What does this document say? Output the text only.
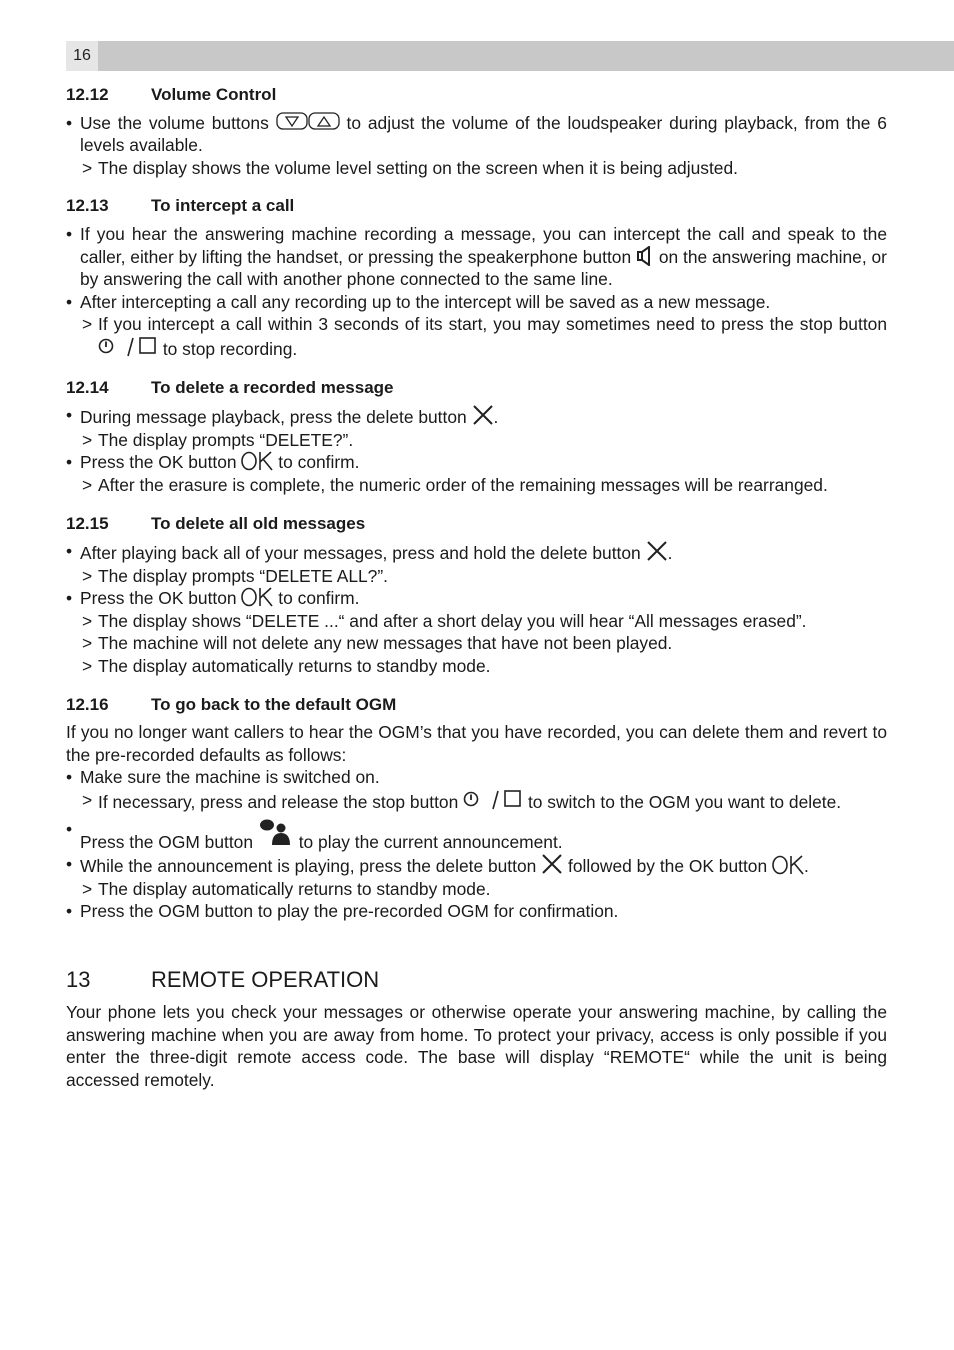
16
12.12	Volume Control
• Use the volume buttons	to adjust the volume of the loudspeaker during playback, from the 6 levels available.
> The display shows the volume level setting on the screen when it is being adjusted.
12.13	To intercept a call
• If you hear the answering machine recording a message, you can intercept the call and speak to the caller, either by lifting the handset, or pressing the speakerphone button on the answering machine, or by answering the call with another phone connected to the same line.
• After intercepting a call any recording up to the intercept will be saved as a new message.
> If you intercept a call within 3 seconds of its start, you may sometimes need to press the stop button
to stop recording.
12.14	To delete a recorded message
• During message playback, press the delete button .
> The display prompts “DELETE?”.
• Press the OK button to confirm.
> After the erasure is complete, the numeric order of the remaining messages will be rearranged.
12.15	To delete all old messages
• After playing back all of your messages, press and hold the delete button .
> The display prompts “DELETE ALL?”.
• Press the OK button to confirm.
> The display shows “DELETE ...“ and after a short delay you will hear “All messages erased”.
> The machine will not delete any new messages that have not been played.
> The display automatically returns to standby mode.
12.16	To go back to the default OGM
If you no longer want callers to hear the OGM’s that you have recorded, you can delete them and revert to the pre-recorded defaults as follows:
• Make sure the machine is switched on.
> If necessary, press and release the stop button	to switch to the OGM you want to delete.
•
Press the OGM button	to play the current announcement.
• While the announcement is playing, press the delete button followed by the OK button .
> The display automatically returns to standby mode.
• Press the OGM button to play the pre-recorded OGM for confirmation.
13	REMOTE OPERATION
Your phone lets you check your messages or otherwise operate your answering machine, by calling the answering machine when you are away from home. To protect your privacy, access is only possible if you enter the three-digit remote access code. The base will display “REMOTE“ while the unit is being accessed remotely.
